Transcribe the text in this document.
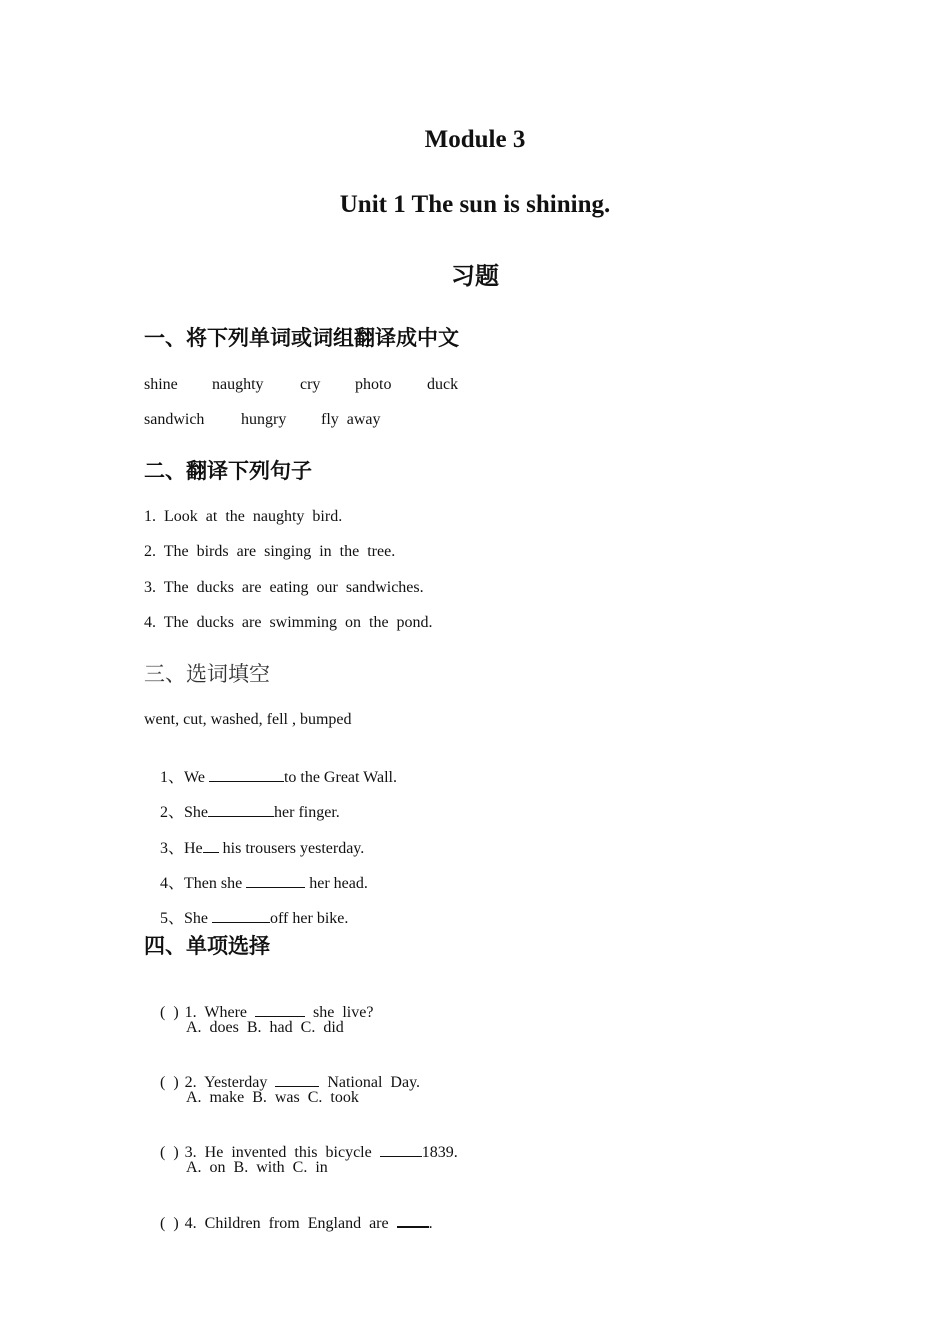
Module 3
Unit 1 The sun is shining.
习题
一、将下列单词或词组翻译成中文
shine naughty cry photo duck
sandwich hungry fly  away
二、翻译下列句子
1.  Look  at  the  naughty  bird.
2.  The  birds  are  singing  in  the  tree.
3.  The  ducks  are  eating  our  sandwiches.
4.  The  ducks  are  swimming  on  the  pond.
三、选词填空
went, cut, washed, fell , bumped

1、We	to the Great Wall.

2、She	her finger.

3、He his trousers yesterday.

4、Then she	her head.

5、She	off her bike.

四、单项选择

(  ) 1.  Where	she  live?

A.  does  B.  had  C.  did

(  ) 2.  Yesterday	National  Day.

A.  make  B.  was  C.  took

(  ) 3.  He  invented  this  bicycle	1839.

A.  on  B.  with  C.  in

(  ) 4.  Children  from  England  are	.
